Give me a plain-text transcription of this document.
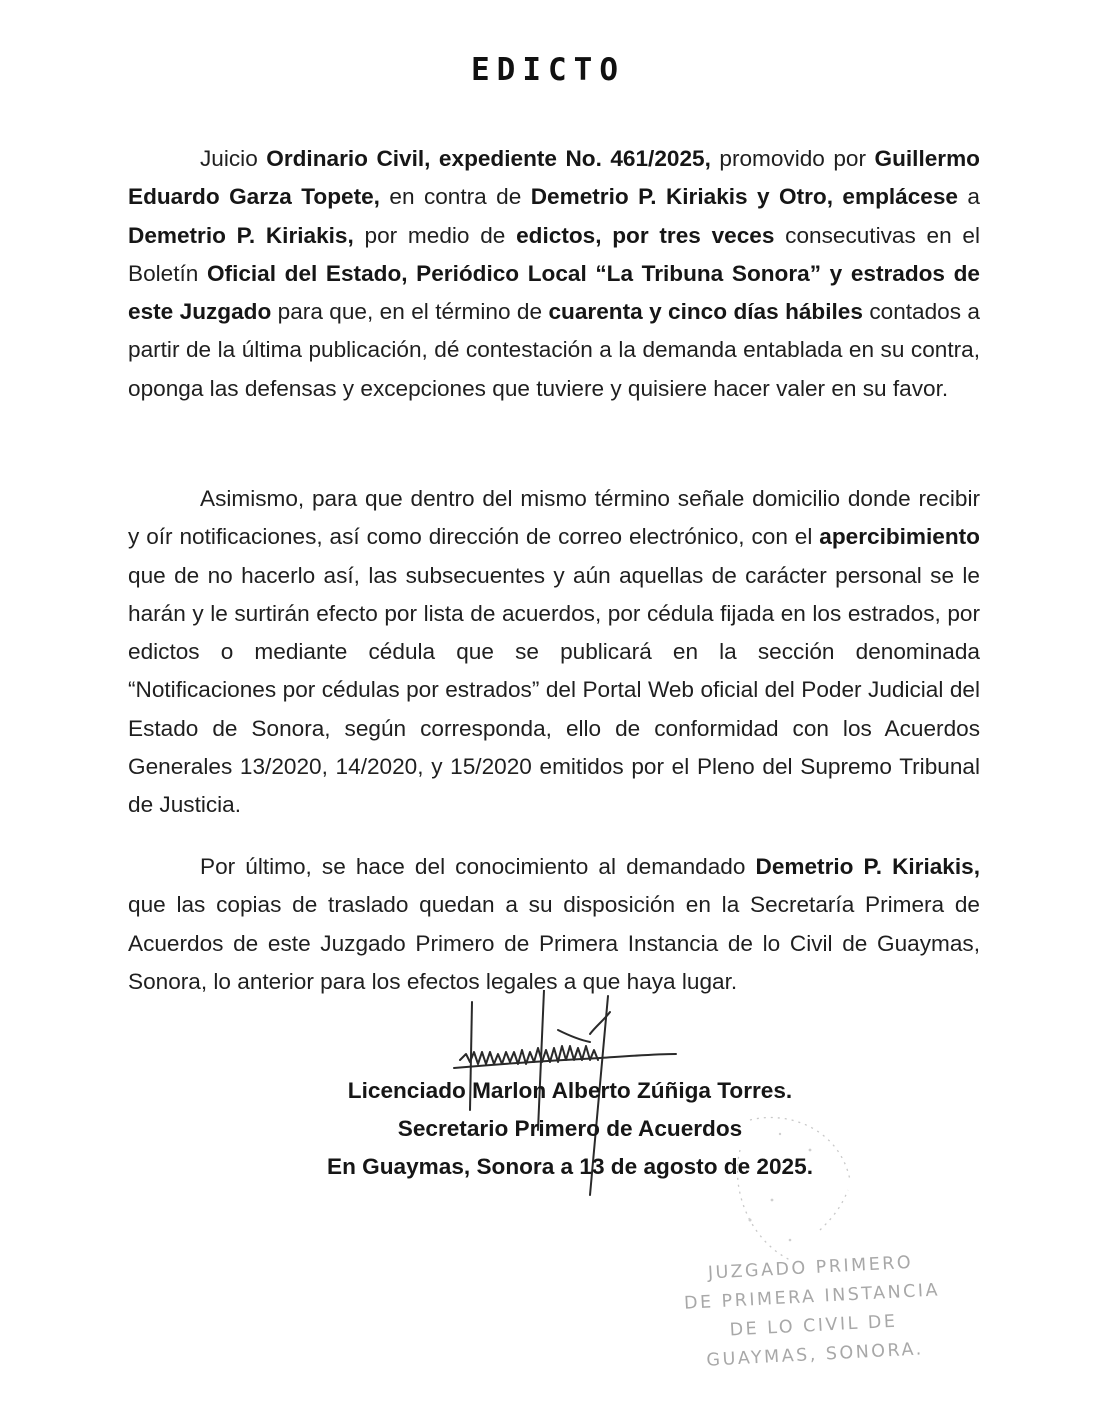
EDICTO
Juicio Ordinario Civil, expediente No. 461/2025, promovido por Guillermo Eduardo Garza Topete, en contra de Demetrio P. Kiriakis y Otro, emplácese a Demetrio P. Kiriakis, por medio de edictos, por tres veces consecutivas en el Boletín Oficial del Estado, Periódico Local “La Tribuna Sonora” y estrados de este Juzgado para que, en el término de cuarenta y cinco días hábiles contados a partir de la última publicación, dé contestación a la demanda entablada en su contra, oponga las defensas y excepciones que tuviere y quisiere hacer valer en su favor.
Asimismo, para que dentro del mismo término señale domicilio donde recibir y oír notificaciones, así como dirección de correo electrónico, con el apercibimiento que de no hacerlo así, las subsecuentes y aún aquellas de carácter personal se le harán y le surtirán efecto por lista de acuerdos, por cédula fijada en los estrados, por edictos o mediante cédula que se publicará en la sección denominada “Notificaciones por cédulas por estrados” del Portal Web oficial del Poder Judicial del Estado de Sonora, según corresponda, ello de conformidad con los Acuerdos Generales 13/2020, 14/2020, y 15/2020 emitidos por el Pleno del Supremo Tribunal de Justicia.
Por último, se hace del conocimiento al demandado Demetrio P. Kiriakis, que las copias de traslado quedan a su disposición en la Secretaría Primera de Acuerdos de este Juzgado Primero de Primera Instancia de lo Civil de Guaymas, Sonora, lo anterior para los efectos legales a que haya lugar.
Licenciado Marlon Alberto Zúñiga Torres.
Secretario Primero de Acuerdos
En Guaymas, Sonora a 13 de agosto de 2025.
JUZGADO PRIMERO
DE PRIMERA INSTANCIA
DE LO CIVIL DE
GUAYMAS, SONORA.
